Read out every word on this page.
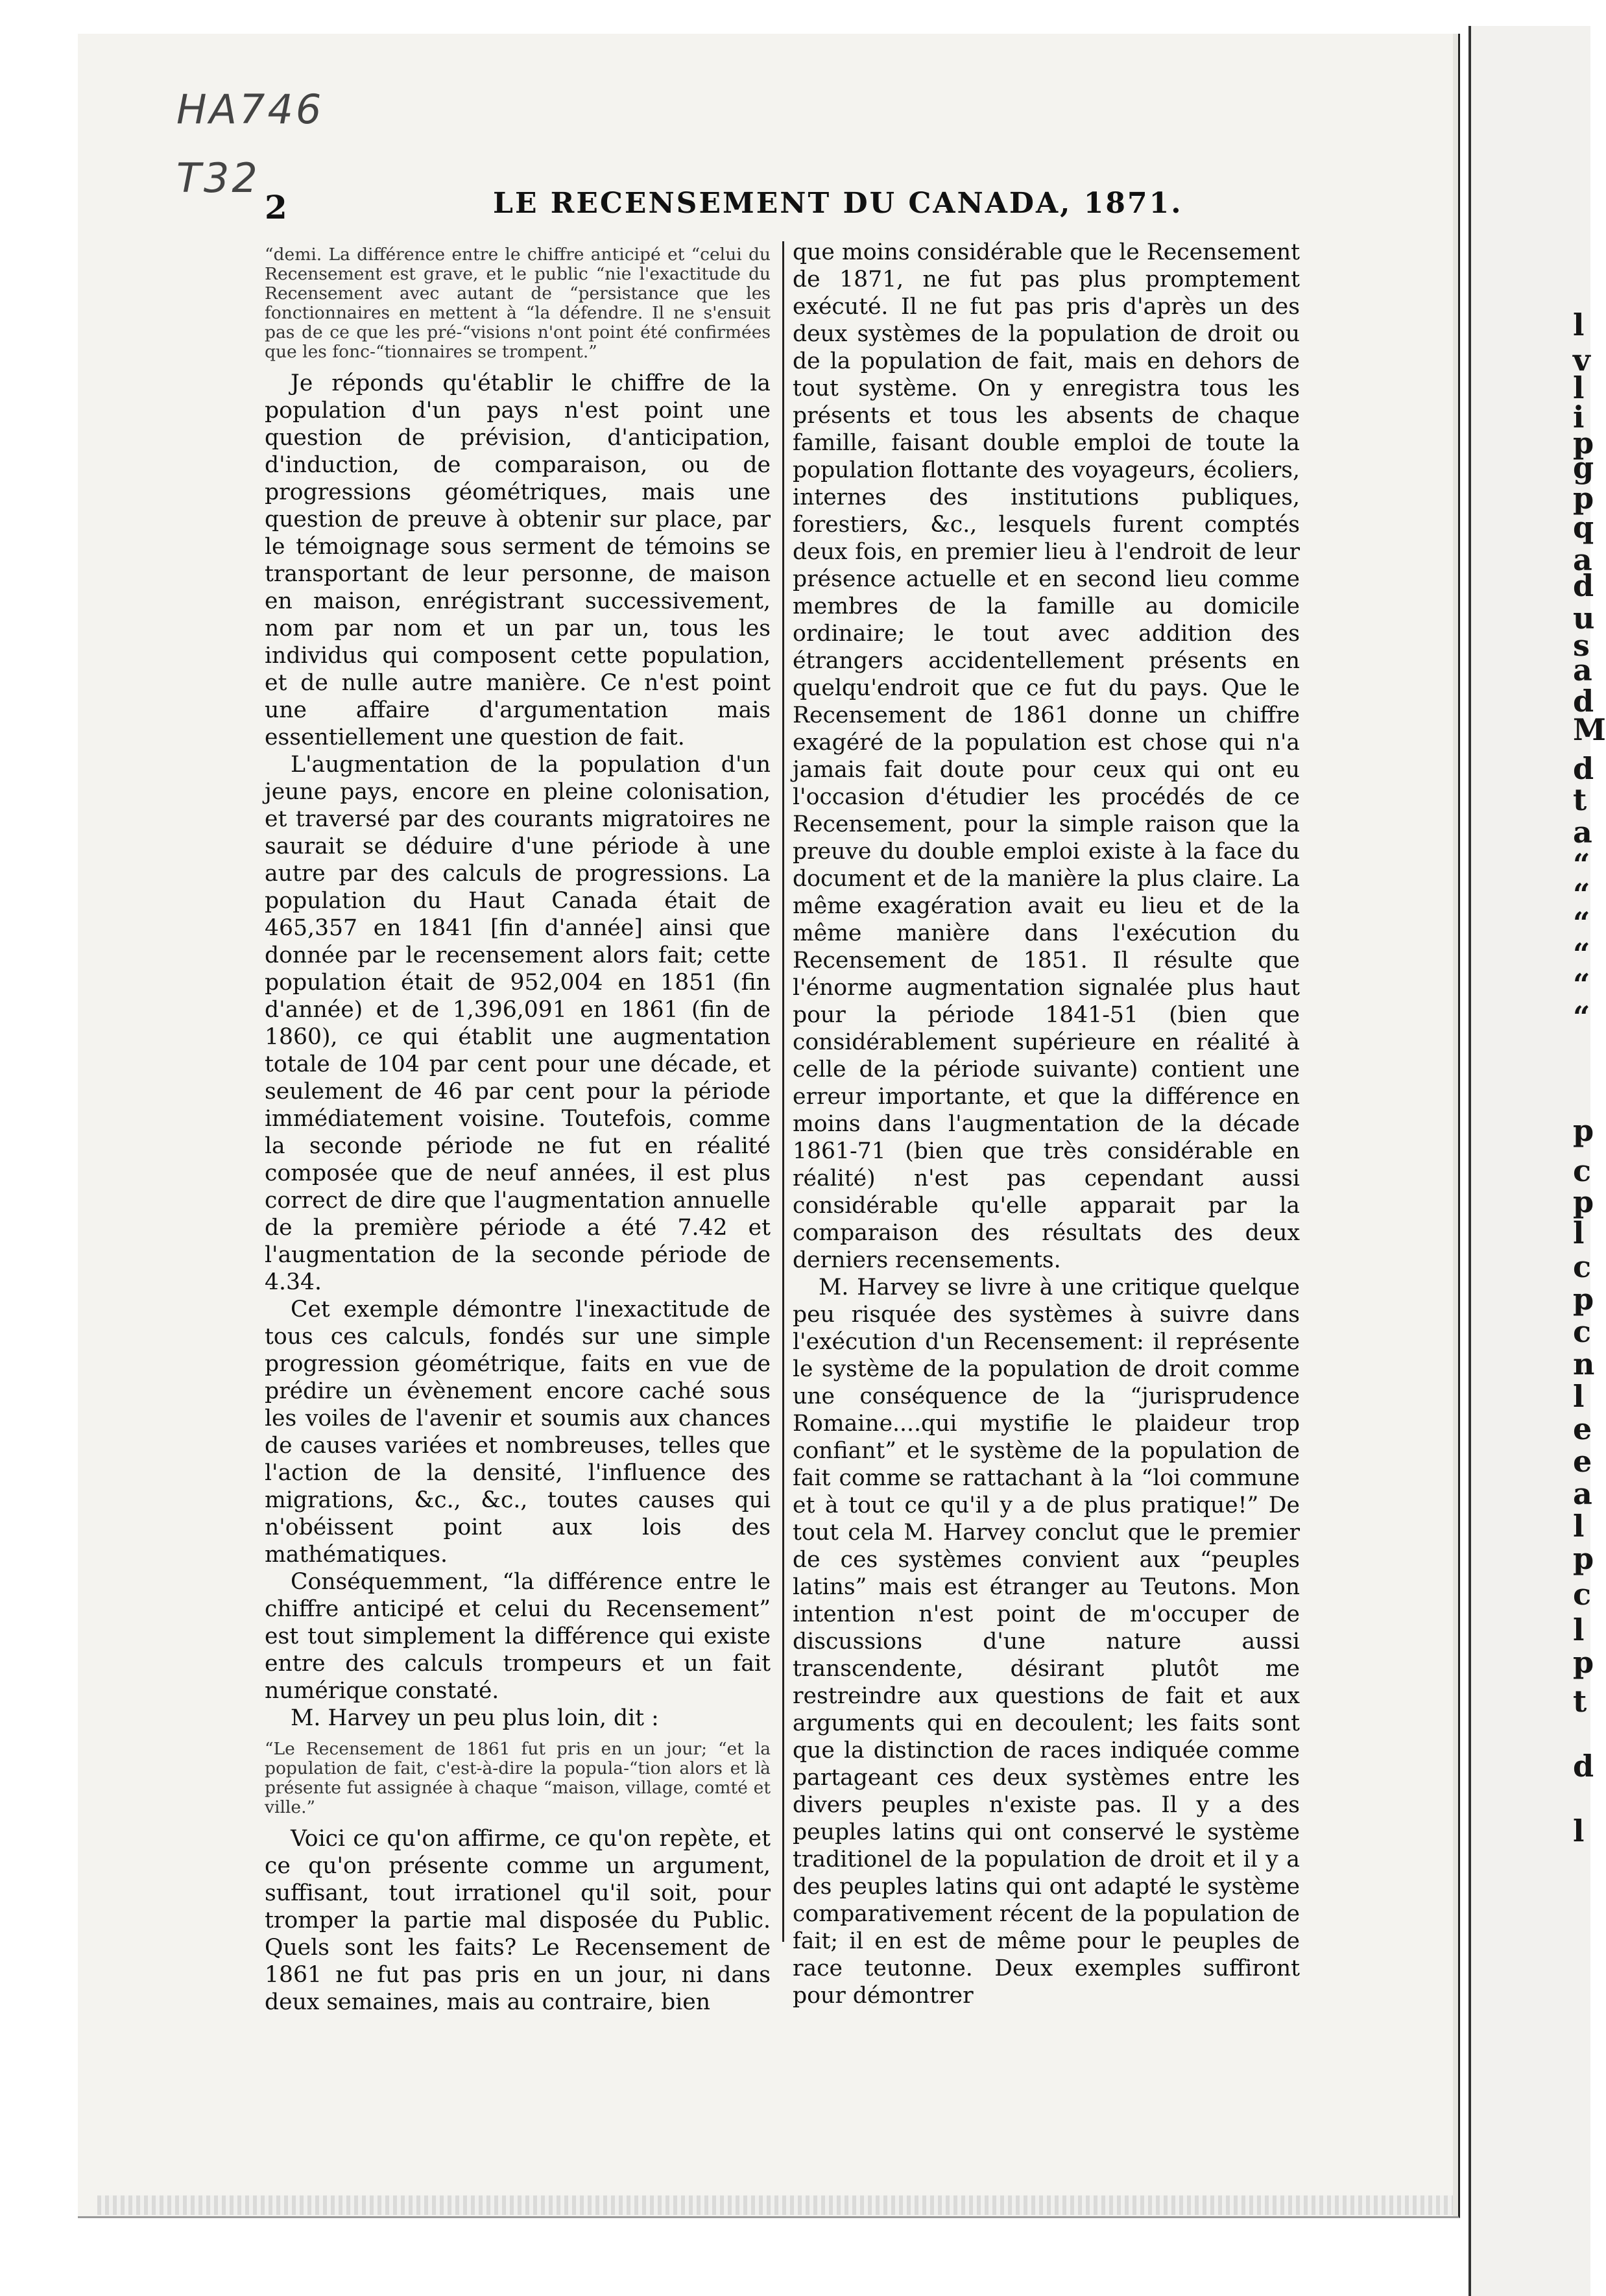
l
v
l
i
p
g
p
q
a
d
u
s
a
d
M
d
t
a
“
“
“
“
“
“
p
c
p
l
c
p
c
n
l
e
e
a
l
p
c
l
p
t
d
l
HA746
T32
2	LE RECENSEMENT DU CANADA, 1871.

“demi. La différence entre le chiffre anticipé et “celui du Recensement est grave, et le public “nie l'exactitude du Recensement avec autant de “persistance que les fonctionnaires en mettent à “la défendre. Il ne s'ensuit pas de ce que les pré-“visions n'ont point été confirmées que les fonc-“tionnaires se trompent.”

Je réponds qu'établir le chiffre de la population d'un pays n'est point une question de prévision, d'anticipation, d'induction, de comparaison, ou de progressions géométriques, mais une question de preuve à obtenir sur place, par le témoignage sous serment de témoins se transportant de leur personne, de maison en maison, enrégistrant successivement, nom par nom et un par un, tous les individus qui composent cette population, et de nulle autre manière. Ce n'est point une affaire d'argumentation mais essentiellement une question de fait.

L'augmentation de la population d'un jeune pays, encore en pleine colonisation, et traversé par des courants migratoires ne saurait se déduire d'une période à une autre par des calculs de progressions. La population du Haut Canada était de 465,357 en 1841 [fin d'année] ainsi que donnée par le recensement alors fait; cette population était de 952,004 en 1851 (fin d'année) et de 1,396,091 en 1861 (fin de 1860), ce qui établit une augmentation totale de 104 par cent pour une décade, et seulement de 46 par cent pour la période immédiatement voisine. Toutefois, comme la seconde période ne fut en réalité composée que de neuf années, il est plus correct de dire que l'augmentation annuelle de la première période a été 7.42 et l'augmentation de la seconde période de 4.34.

Cet exemple démontre l'inexactitude de tous ces calculs, fondés sur une simple progression géométrique, faits en vue de prédire un évènement encore caché sous les voiles de l'avenir et soumis aux chances de causes variées et nombreuses, telles que l'action de la densité, l'influence des migrations, &c., &c., toutes causes qui n'obéissent point aux lois des mathématiques.

Conséquemment, “la différence entre le chiffre anticipé et celui du Recensement” est tout simplement la différence qui existe entre des calculs trompeurs et un fait numérique constaté.

M. Harvey un peu plus loin, dit :

“Le Recensement de 1861 fut pris en un jour; “et la population de fait, c'est-à-dire la popula-“tion alors et là présente fut assignée à chaque “maison, village, comté et ville.”

Voici ce qu'on affirme, ce qu'on repète, et ce qu'on présente comme un argument, suffisant, tout irrationel qu'il soit, pour tromper la partie mal disposée du Public. Quels sont les faits? Le Recensement de 1861 ne fut pas pris en un jour, ni dans deux semaines, mais au contraire, bien

que moins considérable que le Recensement de 1871, ne fut pas plus promptement exécuté. Il ne fut pas pris d'après un des deux systèmes de la population de droit ou de la population de fait, mais en dehors de tout système. On y enregistra tous les présents et tous les absents de chaque famille, faisant double emploi de toute la population flottante des voyageurs, écoliers, internes des institutions publiques, forestiers, &c., lesquels furent comptés deux fois, en premier lieu à l'endroit de leur présence actuelle et en second lieu comme membres de la famille au domicile ordinaire; le tout avec addition des étrangers accidentellement présents en quelqu'endroit que ce fut du pays. Que le Recensement de 1861 donne un chiffre exagéré de la population est chose qui n'a jamais fait doute pour ceux qui ont eu l'occasion d'étudier les procédés de ce Recensement, pour la simple raison que la preuve du double emploi existe à la face du document et de la manière la plus claire. La même exagération avait eu lieu et de la même manière dans l'exécution du Recensement de 1851. Il résulte que l'énorme augmentation signalée plus haut pour la période 1841-51 (bien que considérablement supérieure en réalité à celle de la période suivante) contient une erreur importante, et que la différence en moins dans l'augmentation de la décade 1861-71 (bien que très considérable en réalité) n'est pas cependant aussi considérable qu'elle apparait par la comparaison des résultats des deux derniers recensements.

M. Harvey se livre à une critique quelque peu risquée des systèmes à suivre dans l'exécution d'un Recensement: il représente le système de la population de droit comme une conséquence de la “jurisprudence Romaine....qui mystifie le plaideur trop confiant” et le système de la population de fait comme se rattachant à la “loi commune et à tout ce qu'il y a de plus pratique!” De tout cela M. Harvey conclut que le premier de ces systèmes convient aux “peuples latins” mais est étranger au Teutons. Mon intention n'est point de m'occuper de discussions d'une nature aussi transcendente, désirant plutôt me restreindre aux questions de fait et aux arguments qui en decoulent; les faits sont que la distinction de races indiquée comme partageant ces deux systèmes entre les divers peuples n'existe pas. Il y a des peuples latins qui ont conservé le système traditionel de la population de droit et il y a des peuples latins qui ont adapté le système comparativement récent de la population de fait; il en est de même pour le peuples de race teutonne. Deux exemples suffiront pour démontrer
